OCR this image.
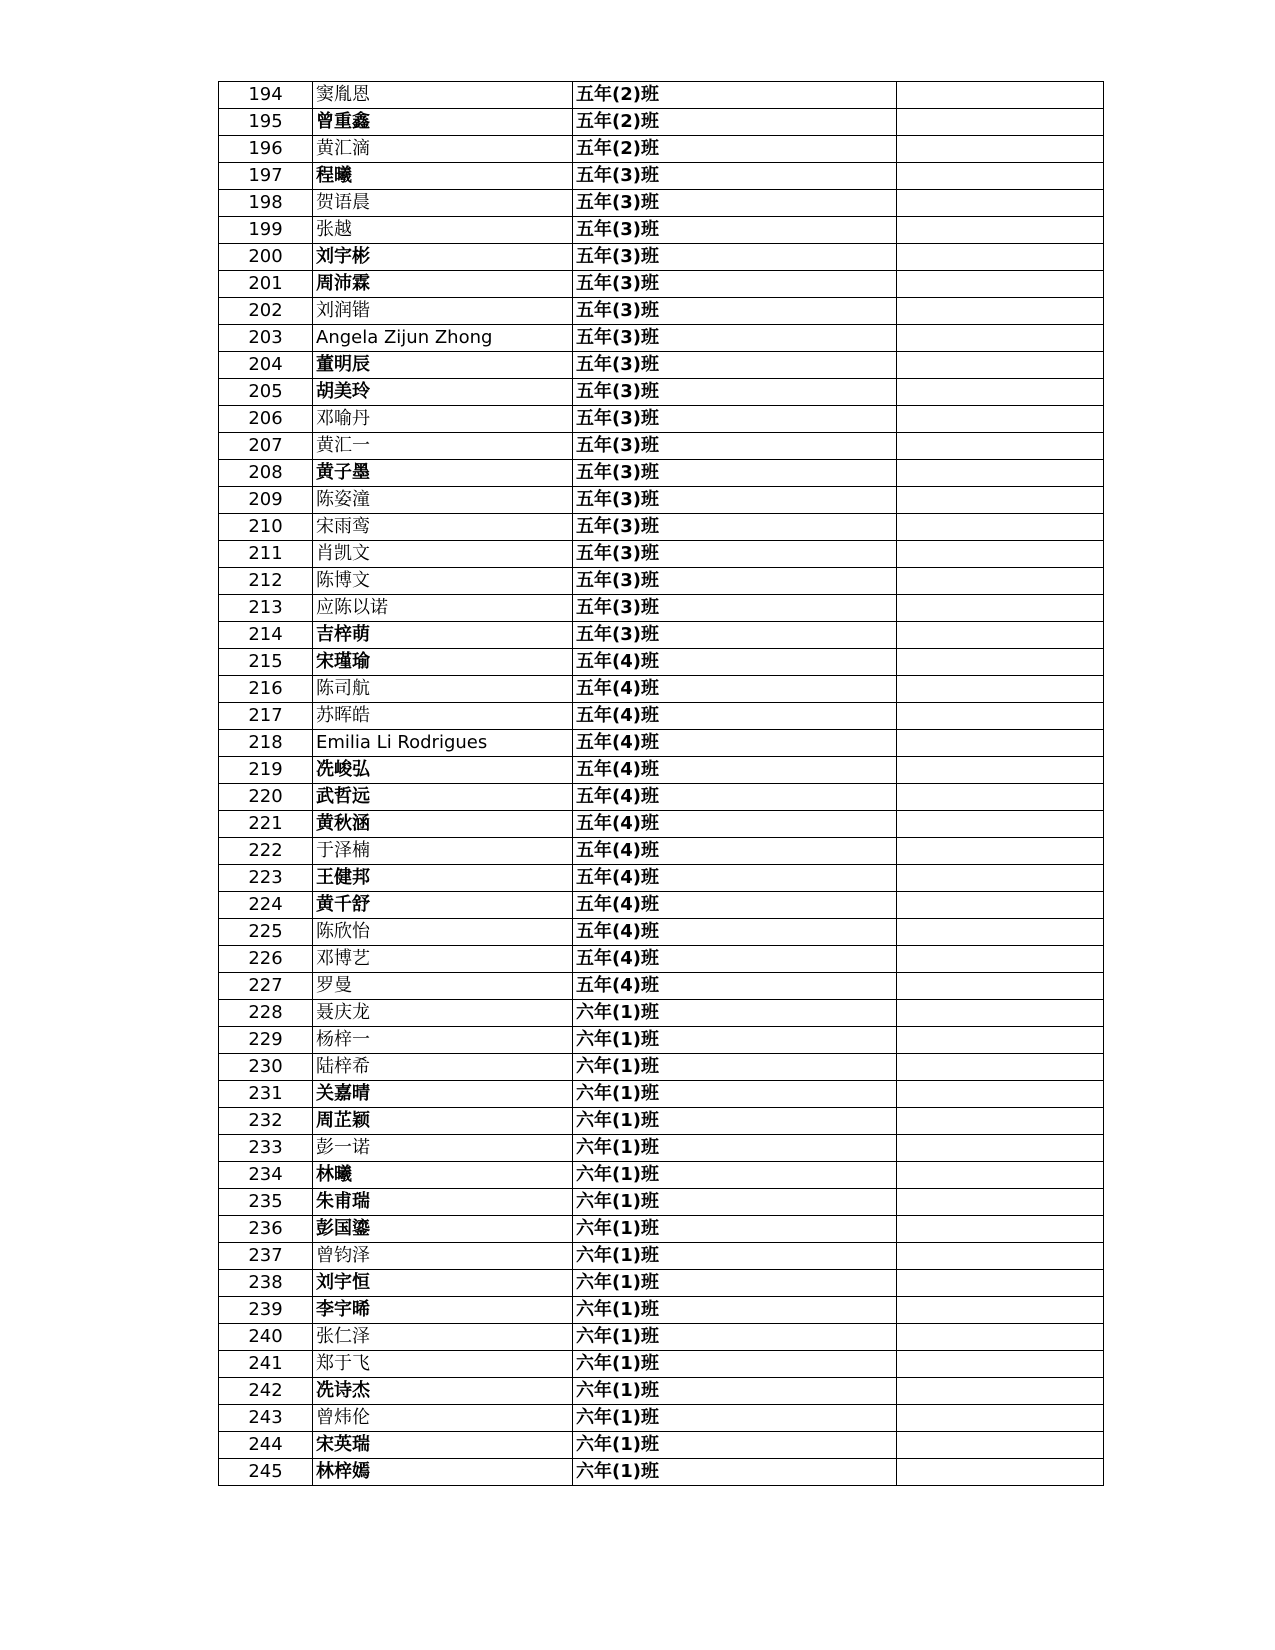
194	窦胤恩	五年(2)班	
195	曾重鑫	五年(2)班	
196	黄汇滴	五年(2)班	
197	程曦	五年(3)班	
198	贺语晨	五年(3)班	
199	张越	五年(3)班	
200	刘宇彬	五年(3)班	
201	周沛霖	五年(3)班	
202	刘润锴	五年(3)班	
203	Angela Zijun Zhong	五年(3)班	
204	董明辰	五年(3)班	
205	胡美玲	五年(3)班	
206	邓喻丹	五年(3)班	
207	黄汇一	五年(3)班	
208	黄子墨	五年(3)班	
209	陈姿潼	五年(3)班	
210	宋雨鸾	五年(3)班	
211	肖凯文	五年(3)班	
212	陈博文	五年(3)班	
213	应陈以诺	五年(3)班	
214	吉梓萌	五年(3)班	
215	宋瑾瑜	五年(4)班	
216	陈司航	五年(4)班	
217	苏晖皓	五年(4)班	
218	Emilia Li Rodrigues	五年(4)班	
219	冼峻弘	五年(4)班	
220	武哲远	五年(4)班	
221	黄秋涵	五年(4)班	
222	于泽楠	五年(4)班	
223	王健邦	五年(4)班	
224	黄千舒	五年(4)班	
225	陈欣怡	五年(4)班	
226	邓博艺	五年(4)班	
227	罗曼	五年(4)班	
228	聂庆龙	六年(1)班	
229	杨梓一	六年(1)班	
230	陆梓希	六年(1)班	
231	关嘉晴	六年(1)班	
232	周芷颖	六年(1)班	
233	彭一诺	六年(1)班	
234	林曦	六年(1)班	
235	朱甫瑞	六年(1)班	
236	彭国鎏	六年(1)班	
237	曾钧泽	六年(1)班	
238	刘宇恒	六年(1)班	
239	李宇晞	六年(1)班	
240	张仁泽	六年(1)班	
241	郑于飞	六年(1)班	
242	冼诗杰	六年(1)班	
243	曾炜伦	六年(1)班	
244	宋英瑞	六年(1)班	
245	林梓嫣	六年(1)班	
